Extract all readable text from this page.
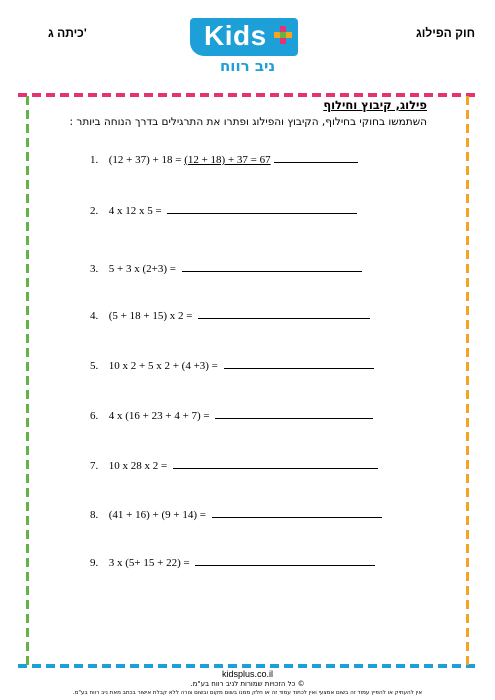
חוק הפילוג
כיתה ג'	Kids
ניב רווח
פילוג, קיבוץ וחילוף
השתמשו בחוקי בחילוף, הקיבוץ והפילוג ופתרו את התרגילים בדרך הנוחה ביותר :
1. (12 + 37) + 18 = (12 + 18) + 37 = 67
2. 4 x 12 x 5 =
3. 5 + 3 x (2+3) =
4. (5 + 18 + 15) x 2 =
5. 10 x 2 + 5 x 2 + (4 +3) =
6. 4 x (16 + 23 + 4 + 7) =
7. 10 x 28 x 2 =
8. (41 + 16) + (9 + 14) =
9. 3 x (5+ 15 + 22) =
kidsplus.co.il
© כל הזכויות שמורות לניב רווח בע"מ.
אין להעתיק או להפיץ עמוד זה בשום אמצעי ואין לכתוד עמוד זה או חלק ממנו בשום מקום ובשום צורה ללא קבלת אישור בכתב מאת ניב רווח בע"מ.
